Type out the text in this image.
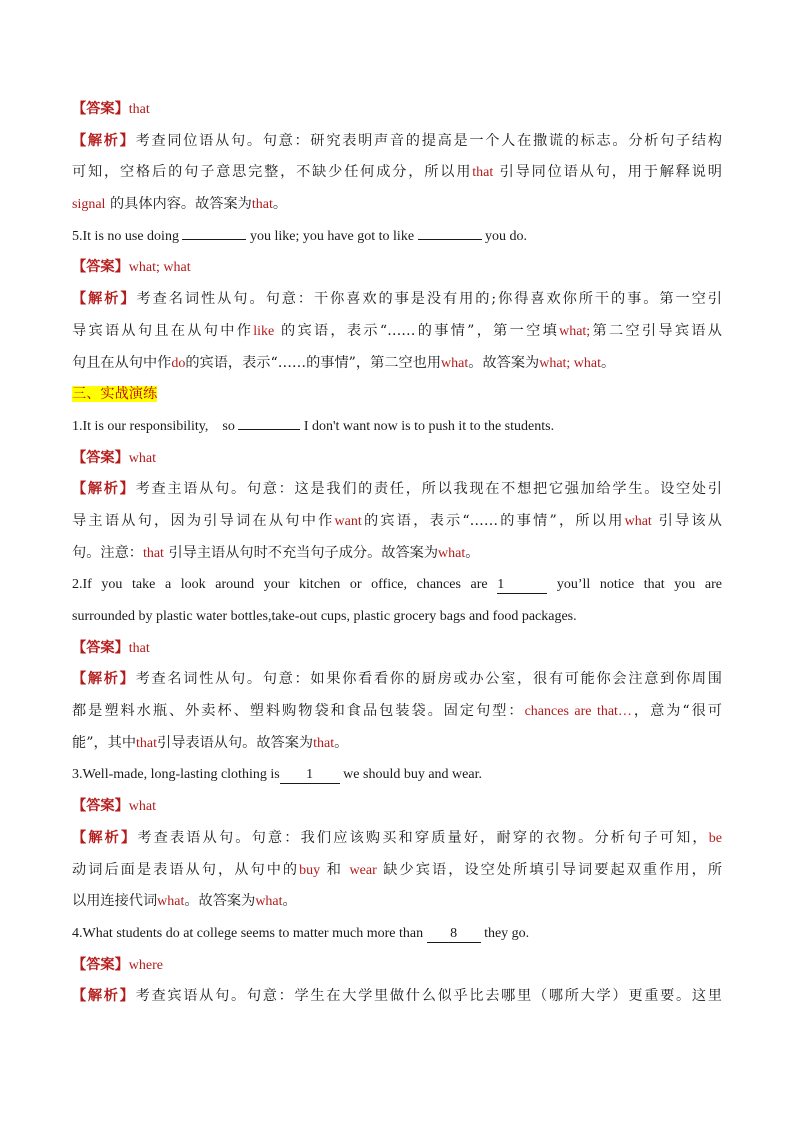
【答案】that
【解析】考查同位语从句。句意：研究表明声音的提高是一个人在撒谎的标志。分析句子结构
可知，空格后的句子意思完整，不缺少任何成分，所以用that 引导同位语从句，用于解释说明
signal 的具体内容。故答案为that。
5.It is no use doing	you like; you have got to like	you do.
【答案】what; what
【解析】考查名词性从句。句意：干你喜欢的事是没有用的;你得喜欢你所干的事。第一空引
导宾语从句且在从句中作like 的宾语，表示“……的事情”，第一空填what;第二空引导宾语从
句且在从句中作do的宾语，表示“……的事情”，第二空也用what。故答案为what; what。
三、实战演练
1.It is our responsibility, so	I don't want now is to push it to the students.
【答案】what
【解析】考查主语从句。句意：这是我们的责任，所以我现在不想把它强加给学生。设空处引
导主语从句，因为引导词在从句中作want的宾语，表示“……的事情”，所以用what 引导该从
句。注意：that 引导主语从句时不充当句子成分。故答案为what。
2.If you take a look around your kitchen or office, chances are 1	you’ll notice that you are
surrounded by plastic water bottles,take-out cups, plastic grocery bags and food packages.
【答案】that
【解析】考查名词性从句。句意：如果你看看你的厨房或办公室，很有可能你会注意到你周围
都是塑料水瓶、外卖杯、塑料购物袋和食品包装袋。固定句型：chances are that…，意为“很可
能”，其中that引导表语从句。故答案为that。
3.Well-made, long-lasting clothing is 1 we should buy and wear.
【答案】what
【解析】考查表语从句。句意：我们应该购买和穿质量好，耐穿的衣物。分析句子可知，be
动词后面是表语从句，从句中的buy 和 wear 缺少宾语，设空处所填引导词要起双重作用，所
以用连接代词what。故答案为what。
4.What students do at college seems to matter much more than 8 they go.
【答案】where
【解析】考查宾语从句。句意：学生在大学里做什么似乎比去哪里（哪所大学）更重要。这里
